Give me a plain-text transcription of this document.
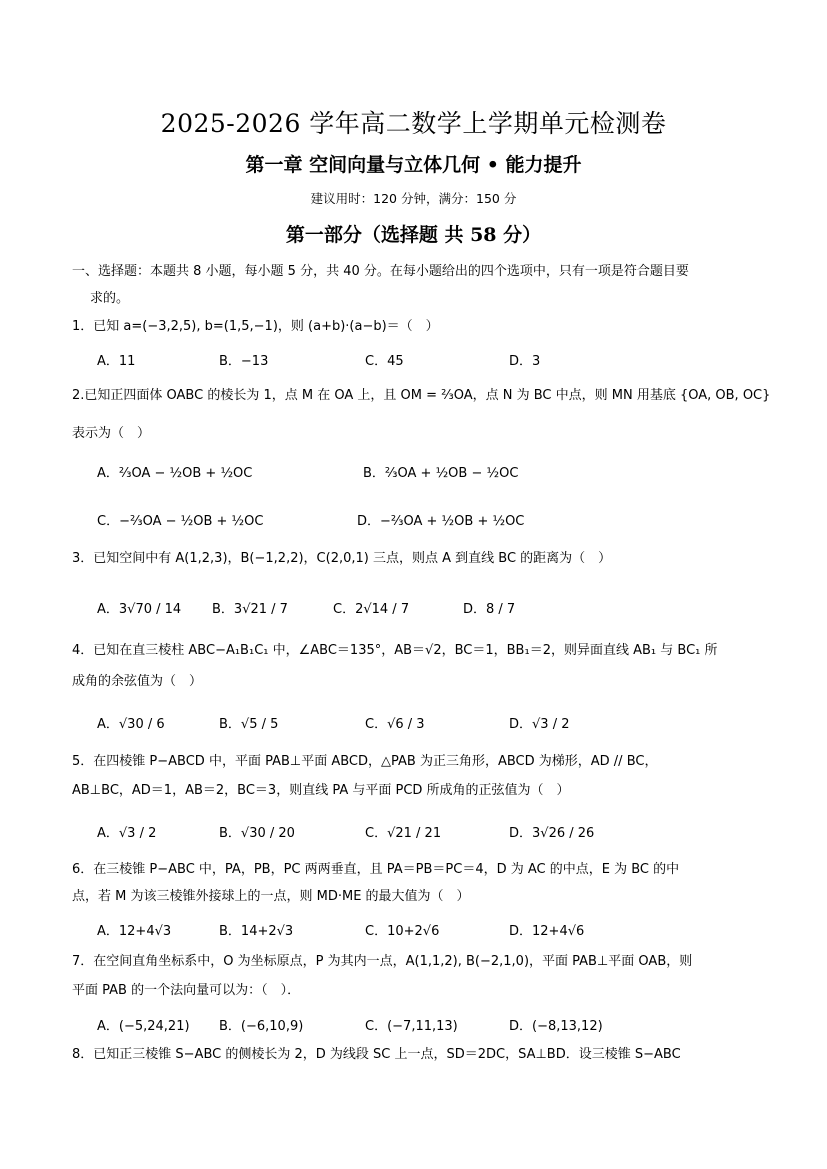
2025-2026 学年高二数学上学期单元检测卷
第一章 空间向量与立体几何 • 能力提升
建议用时：120 分钟，满分：150 分
第一部分（选择题 共 58 分）
一、选择题：本题共 8 小题，每小题 5 分，共 40 分。在每小题给出的四个选项中，只有一项是符合题目要
求的。
1．已知 a=(−3,2,5), b=(1,5,−1)，则 (a+b)·(a−b)＝（　）
A．11	B．−13	C．45	D．3
2.已知正四面体 OABC 的棱长为 1，点 M 在 OA 上，且 OM = ⅔OA，点 N 为 BC 中点，则 MN 用基底 {OA, OB, OC}
表示为（　）
A．⅔OA − ½OB + ½OC	B．⅔OA + ½OB − ½OC
C．−⅔OA − ½OB + ½OC	D．−⅔OA + ½OB + ½OC
3．已知空间中有 A(1,2,3)，B(−1,2,2)，C(2,0,1) 三点，则点 A 到直线 BC 的距离为（　）
A．3√70 / 14 B．3√21 / 7	C．2√14 / 7	D．8 / 7
4．已知在直三棱柱 ABC−A₁B₁C₁ 中，∠ABC＝135°，AB＝√2，BC＝1，BB₁＝2，则异面直线 AB₁ 与 BC₁ 所
成角的余弦值为（　）
A．√30 / 6	B．√5 / 5	C．√6 / 3	D．√3 / 2
5．在四棱锥 P−ABCD 中，平面 PAB⊥平面 ABCD，△PAB 为正三角形，ABCD 为梯形，AD // BC，
AB⊥BC，AD＝1，AB＝2，BC＝3，则直线 PA 与平面 PCD 所成角的正弦值为（　）
A．√3 / 2	B．√30 / 20	C．√21 / 21	D．3√26 / 26
6．在三棱锥 P−ABC 中，PA，PB，PC 两两垂直，且 PA＝PB＝PC＝4，D 为 AC 的中点，E 为 BC 的中
点，若 M 为该三棱锥外接球上的一点，则 MD·ME 的最大值为（　）
A．12+4√3	B．14+2√3	C．10+2√6	D．12+4√6
7．在空间直角坐标系中，O 为坐标原点，P 为其内一点，A(1,1,2), B(−2,1,0)，平面 PAB⊥平面 OAB，则
平面 PAB 的一个法向量可以为：（　）．
A．(−5,24,21) B．(−6,10,9)	C．(−7,11,13)	D．(−8,13,12)
8．已知正三棱锥 S−ABC 的侧棱长为 2，D 为线段 SC 上一点，SD＝2DC，SA⊥BD．设三棱锥 S−ABC
